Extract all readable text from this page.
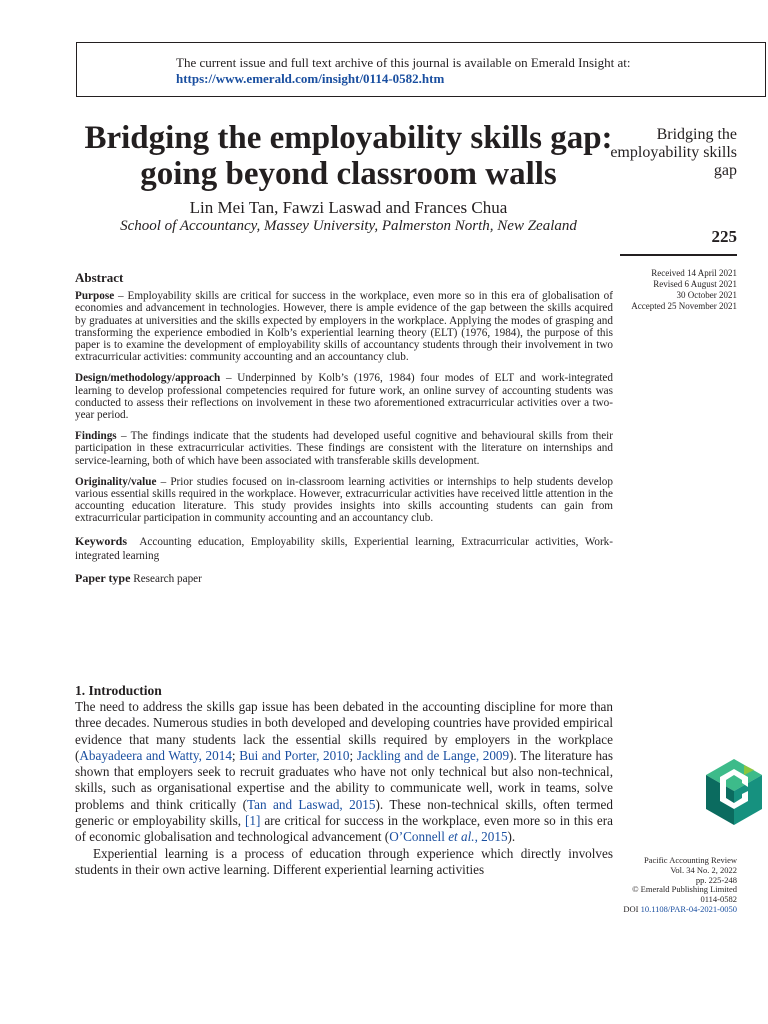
The current issue and full text archive of this journal is available on Emerald Insight at:
https://www.emerald.com/insight/0114-0582.htm
Bridging the employability skills gap: going beyond classroom walls
Lin Mei Tan, Fawzi Laswad and Frances Chua
School of Accountancy, Massey University, Palmerston North, New Zealand
Bridging the employability skills gap
225
Received 14 April 2021
Revised 6 August 2021
30 October 2021
Accepted 25 November 2021
Abstract

Purpose – Employability skills are critical for success in the workplace, even more so in this era of globalisation of economies and advancement in technologies. However, there is ample evidence of the gap between the skills acquired by graduates at universities and the skills expected by employers in the workplace. Applying the modes of grasping and transforming the experience embodied in Kolb’s experiential learning theory (ELT) (1976, 1984), the purpose of this paper is to examine the development of employability skills of accountancy students through their involvement in two extracurricular activities: community accounting and an accountancy club.

Design/methodology/approach – Underpinned by Kolb’s (1976, 1984) four modes of ELT and work-integrated learning to develop professional competencies required for future work, an online survey of accounting students was conducted to assess their reflections on involvement in these two aforementioned extracurricular activities over a two-year period.

Findings – The findings indicate that the students had developed useful cognitive and behavioural skills from their participation in these extracurricular activities. These findings are consistent with the literature on internships and service-learning, both of which have been associated with transferable skills development.

Originality/value – Prior studies focused on in-classroom learning activities or internships to help students develop various essential skills required in the workplace. However, extracurricular activities have received little attention in the accounting education literature. This study provides insights into skills accounting students can gain from extracurricular participation in community accounting and an accountancy club.

Keywords Accounting education, Employability skills, Experiential learning, Extracurricular activities, Work-integrated learning

Paper type Research paper

1. Introduction

The need to address the skills gap issue has been debated in the accounting discipline for more than three decades. Numerous studies in both developed and developing countries have provided empirical evidence that many students lack the essential skills required by employers in the workplace (Abayadeera and Watty, 2014; Bui and Porter, 2010; Jackling and de Lange, 2009). The literature has shown that employers seek to recruit graduates who have not only technical but also non-technical, skills, such as organisational expertise and the ability to communicate well, work in teams, solve problems and think critically (Tan and Laswad, 2015). These non-technical skills, often termed generic or employability skills, [1] are critical for success in the workplace, even more so in this era of economic globalisation and technological advancement (O’Connell et al., 2015).

Experiential learning is a process of education through experience which directly involves students in their own active learning. Different experiential learning activities

Pacific Accounting Review
Vol. 34 No. 2, 2022
pp. 225-248
© Emerald Publishing Limited
0114-0582
DOI 10.1108/PAR-04-2021-0050
